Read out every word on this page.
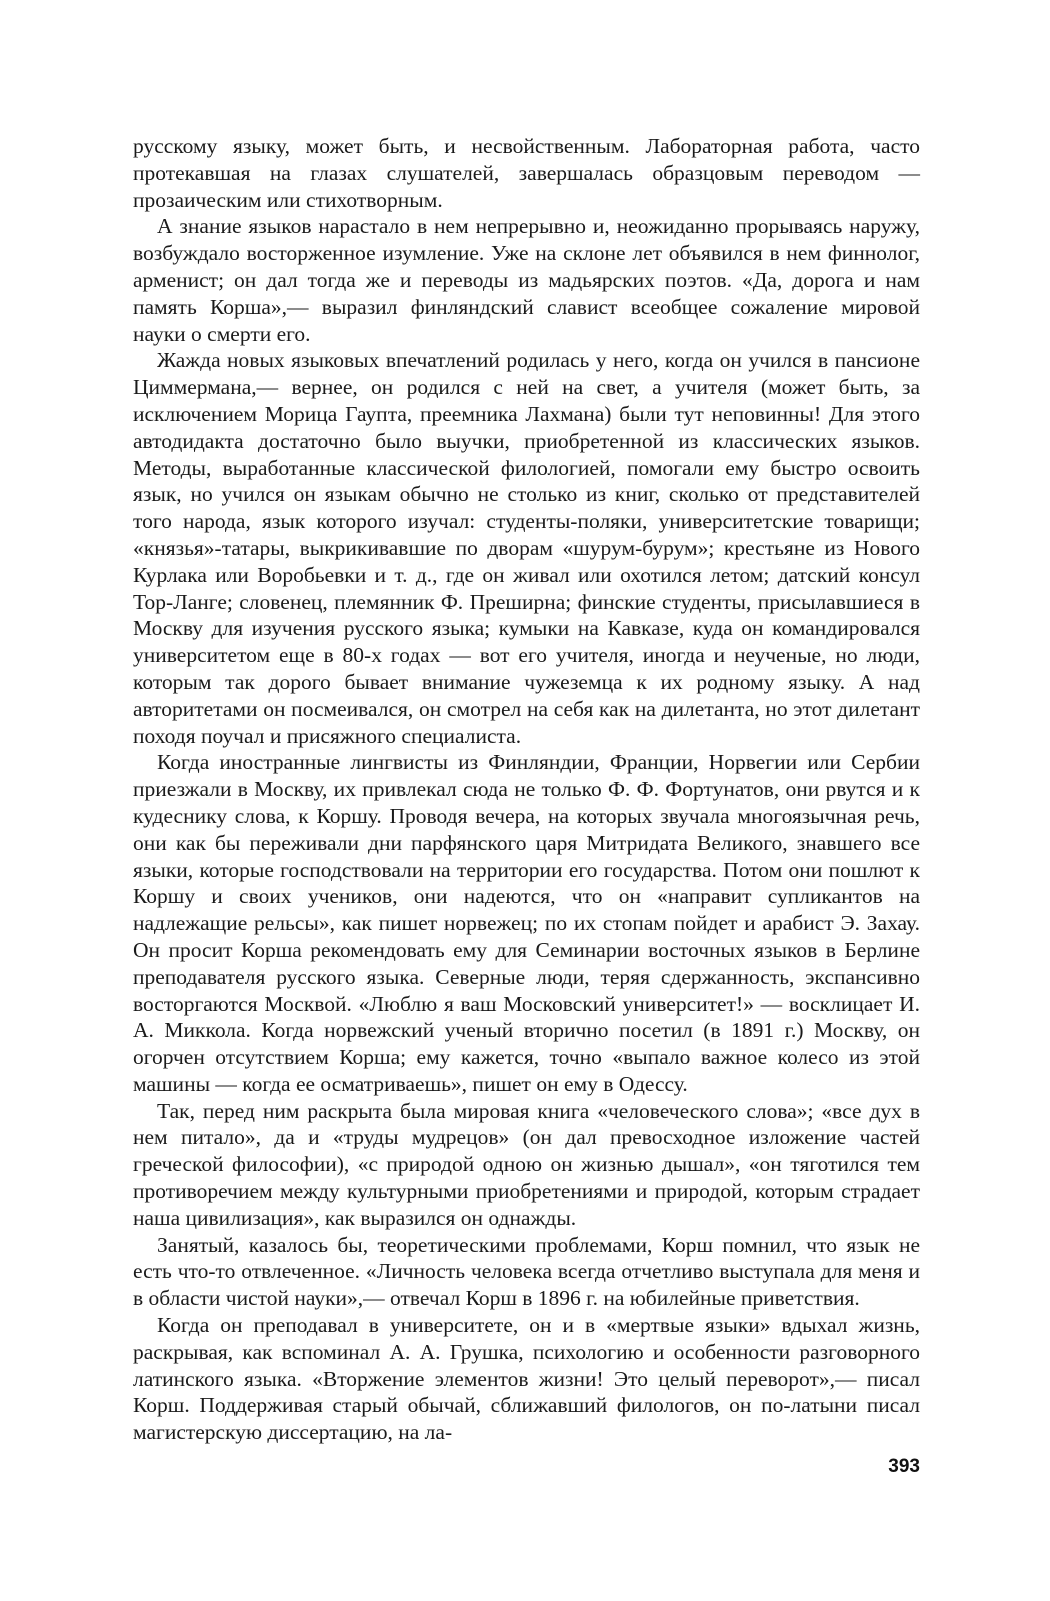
русскому языку, может быть, и несвойственным. Лабораторная работа, часто протекавшая на глазах слушателей, завершалась образцовым переводом — прозаическим или стихотворным.

А знание языков нарастало в нем непрерывно и, неожиданно прорываясь наружу, возбуждало восторженное изумление. Уже на склоне лет объявился в нем финнолог, арменист; он дал тогда же и переводы из мадьярских поэтов. «Да, дорога и нам память Корша»,— выразил финляндский славист всеобщее сожаление мировой науки о смерти его.

Жажда новых языковых впечатлений родилась у него, когда он учился в пансионе Циммермана,— вернее, он родился с ней на свет, а учителя (может быть, за исключением Морица Гаупта, преемника Лахмана) были тут неповинны! Для этого автодидакта достаточно было выучки, приобретенной из классических языков. Методы, выработанные классической филологией, помогали ему быстро освоить язык, но учился он языкам обычно не столько из книг, сколько от представителей того народа, язык которого изучал: студенты-поляки, университетские товарищи; «князья»-татары, выкрикивавшие по дворам «шурум-бурум»; крестьяне из Нового Курлака или Воробьевки и т. д., где он живал или охотился летом; датский консул Тор-Ланге; словенец, племянник Ф. Преширна; финские студенты, присылавшиеся в Москву для изучения русского языка; кумыки на Кавказе, куда он командировался университетом еще в 80-х годах — вот его учителя, иногда и неученые, но люди, которым так дорого бывает внимание чужеземца к их родному языку. А над авторитетами он посмеивался, он смотрел на себя как на дилетанта, но этот дилетант походя поучал и присяжного специалиста.

Когда иностранные лингвисты из Финляндии, Франции, Норвегии или Сербии приезжали в Москву, их привлекал сюда не только Ф. Ф. Фортунатов, они рвутся и к кудеснику слова, к Коршу. Проводя вечера, на которых звучала многоязычная речь, они как бы переживали дни парфянского царя Митридата Великого, знавшего все языки, которые господствовали на территории его государства. Потом они пошлют к Коршу и своих учеников, они надеются, что он «направит супликантов на надлежащие рельсы», как пишет норвежец; по их стопам пойдет и арабист Э. Захау. Он просит Корша рекомендовать ему для Семинарии восточных языков в Берлине преподавателя русского языка. Северные люди, теряя сдержанность, экспансивно восторгаются Москвой. «Люблю я ваш Московский университет!» — восклицает И. А. Миккола. Когда норвежский ученый вторично посетил (в 1891 г.) Москву, он огорчен отсутствием Корша; ему кажется, точно «выпало важное колесо из этой машины — когда ее осматриваешь», пишет он ему в Одессу.

Так, перед ним раскрыта была мировая книга «человеческого слова»; «все дух в нем питало», да и «труды мудрецов» (он дал превосходное изложение частей греческой философии), «с природой одною он жизнью дышал», «он тяготился тем противоречием между культурными приобретениями и природой, которым страдает наша цивилизация», как выразился он однажды.

Занятый, казалось бы, теоретическими проблемами, Корш помнил, что язык не есть что-то отвлеченное. «Личность человека всегда отчетливо выступала для меня и в области чистой науки»,— отвечал Корш в 1896 г. на юбилейные приветствия.

Когда он преподавал в университете, он и в «мертвые языки» вдыхал жизнь, раскрывая, как вспоминал А. А. Грушка, психологию и особенности разговорного латинского языка. «Вторжение элементов жизни! Это целый переворот»,— писал Корш. Поддерживая старый обычай, сближавший филологов, он по-латыни писал магистерскую диссертацию, на ла-

393
